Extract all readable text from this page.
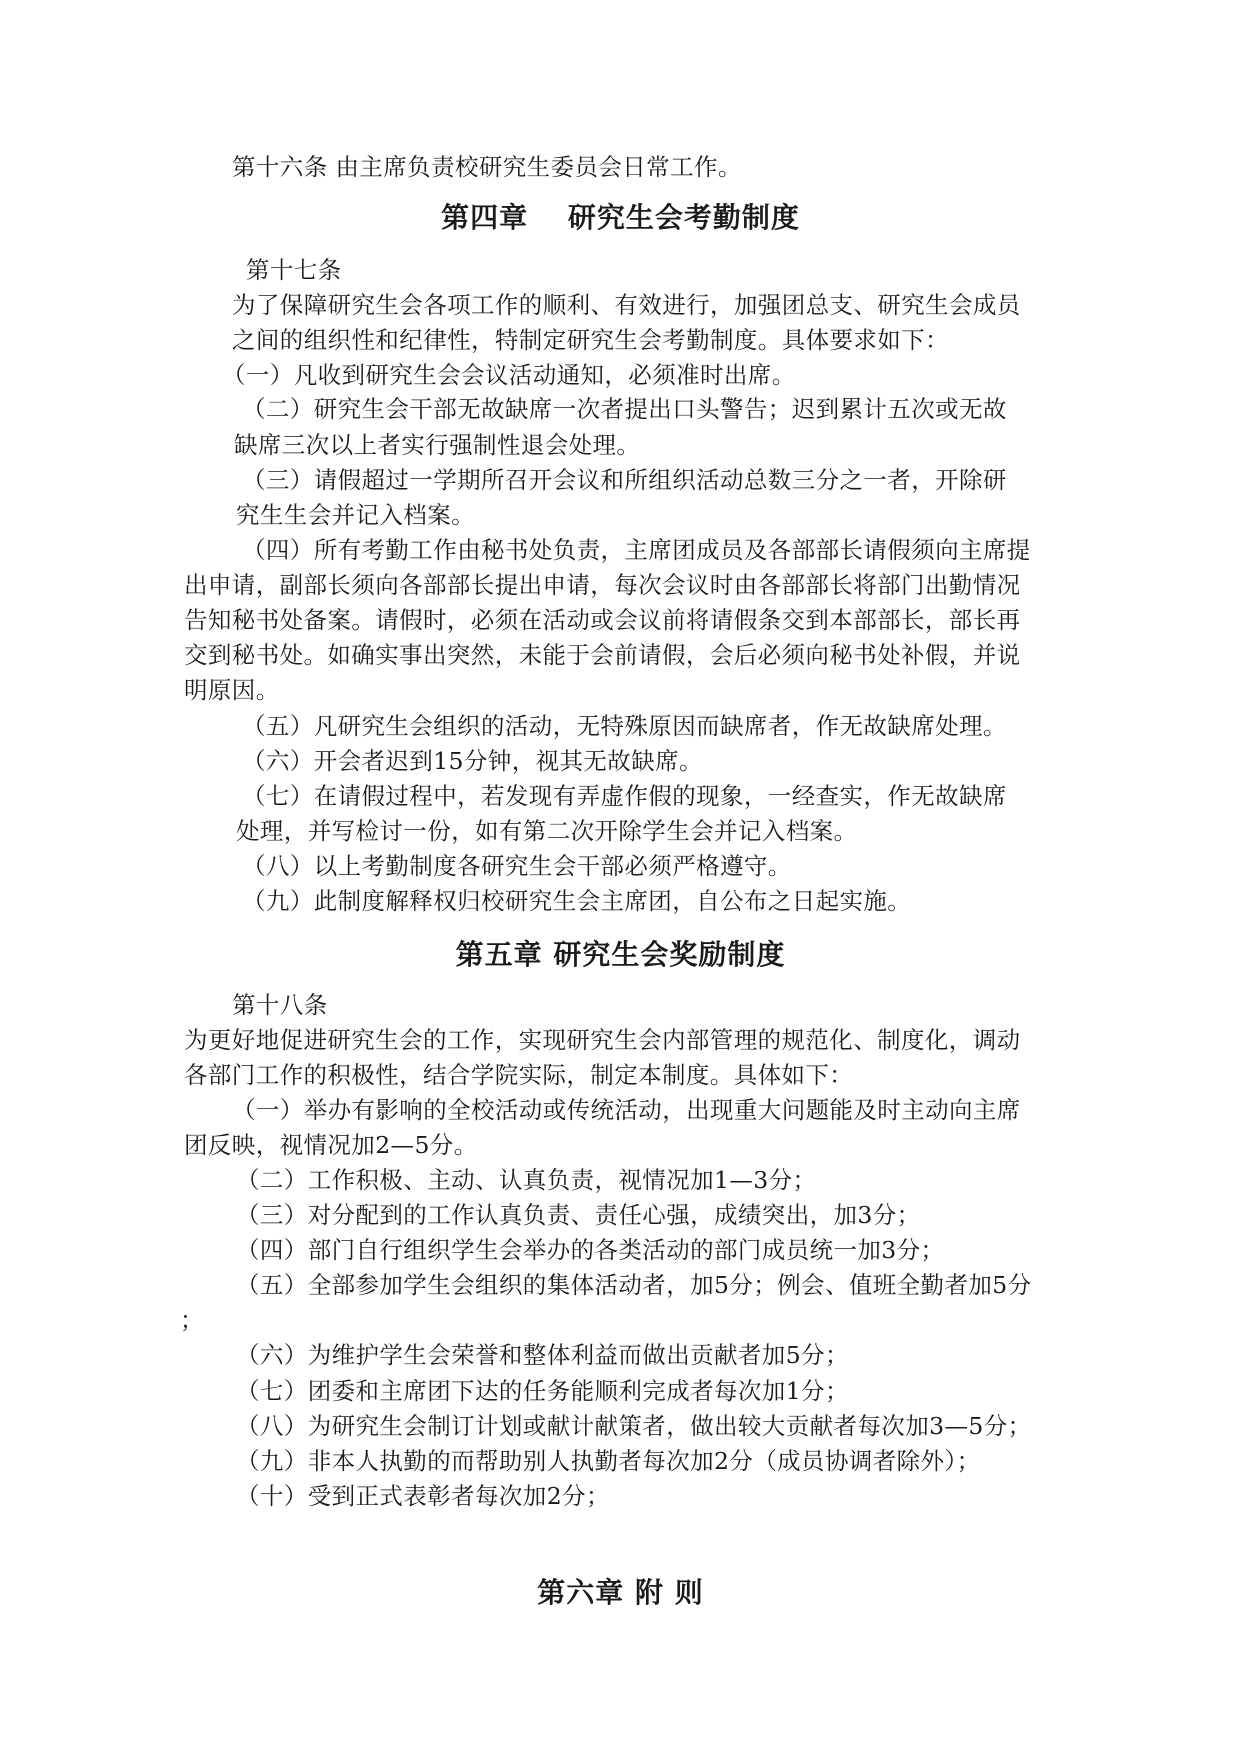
第十六条 由主席负责校研究生委员会日常工作。

第四章　 研究生会考勤制度

第十七条

为了保障研究生会各项工作的顺利、有效进行，加强团总支、研究生会成员

之间的组织性和纪律性，特制定研究生会考勤制度。具体要求如下：

（一）凡收到研究生会会议活动通知，必须准时出席。

（二）研究生会干部无故缺席一次者提出口头警告；迟到累计五次或无故

缺席三次以上者实行强制性退会处理。

（三）请假超过一学期所召开会议和所组织活动总数三分之一者，开除研

究生生会并记入档案。

（四）所有考勤工作由秘书处负责，主席团成员及各部部长请假须向主席提

出申请，副部长须向各部部长提出申请，每次会议时由各部部长将部门出勤情况

告知秘书处备案。请假时，必须在活动或会议前将请假条交到本部部长，部长再

交到秘书处。如确实事出突然，未能于会前请假，会后必须向秘书处补假，并说

明原因。

（五）凡研究生会组织的活动，无特殊原因而缺席者，作无故缺席处理。

（六）开会者迟到15分钟，视其无故缺席。

（七）在请假过程中，若发现有弄虚作假的现象，一经查实，作无故缺席

处理，并写检讨一份，如有第二次开除学生会并记入档案。

（八）以上考勤制度各研究生会干部必须严格遵守。

（九）此制度解释权归校研究生会主席团，自公布之日起实施。

第五章 研究生会奖励制度

第十八条

为更好地促进研究生会的工作，实现研究生会内部管理的规范化、制度化，调动

各部门工作的积极性，结合学院实际，制定本制度。具体如下：

（一）举办有影响的全校活动或传统活动，出现重大问题能及时主动向主席

团反映，视情况加2—5分。

（二）工作积极、主动、认真负责，视情况加1—3分；

（三）对分配到的工作认真负责、责任心强，成绩突出，加3分；

（四）部门自行组织学生会举办的各类活动的部门成员统一加3分；

（五）全部参加学生会组织的集体活动者，加5分；例会、值班全勤者加5分

；

（六）为维护学生会荣誉和整体利益而做出贡献者加5分；

（七）团委和主席团下达的任务能顺利完成者每次加1分；

（八）为研究生会制订计划或献计献策者，做出较大贡献者每次加3—5分；

（九）非本人执勤的而帮助别人执勤者每次加2分（成员协调者除外）；

（十）受到正式表彰者每次加2分；

第六章 附 则
